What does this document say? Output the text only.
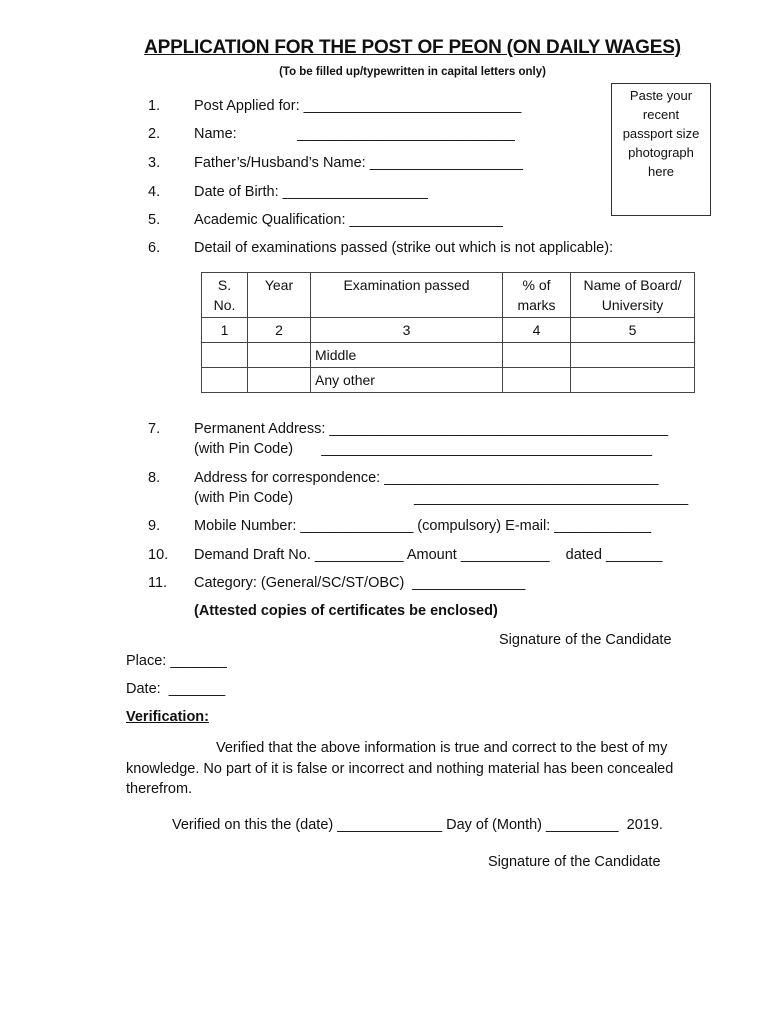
APPLICATION FOR THE POST OF PEON (ON DAILY WAGES)
(To be filled up/typewritten in capital letters only)
Paste your
recent
passport size
photograph
here
1. Post Applied for: ___________________________
2. Name:               ___________________________
3. Father’s/Husband’s Name: ___________________
4. Date of Birth: __________________
5. Academic Qualification: ___________________
6. Detail of examinations passed (strike out which is not applicable):
S. No.	Year	Examination passed	% of marks	Name of Board/ University
1	2	3	4	5
		Middle		
		Any other		
7. Permanent Address: __________________________________________
(with Pin Code)       _________________________________________
8. Address for correspondence: __________________________________
(with Pin Code)                              __________________________________
9. Mobile Number: ______________ (compulsory) E-mail: ____________
10. Demand Draft No. ___________ Amount ___________    dated _______
11. Category: (General/SC/ST/OBC)  ______________
(Attested copies of certificates be enclosed)
Signature of the Candidate
Place: _______
Date:  _______
Verification:
Verified that the above information is true and correct to the best of my knowledge. No part of it is false or incorrect and nothing material has been concealed therefrom.
Verified on this the (date) _____________ Day of (Month) _________  2019.
Signature of the Candidate
